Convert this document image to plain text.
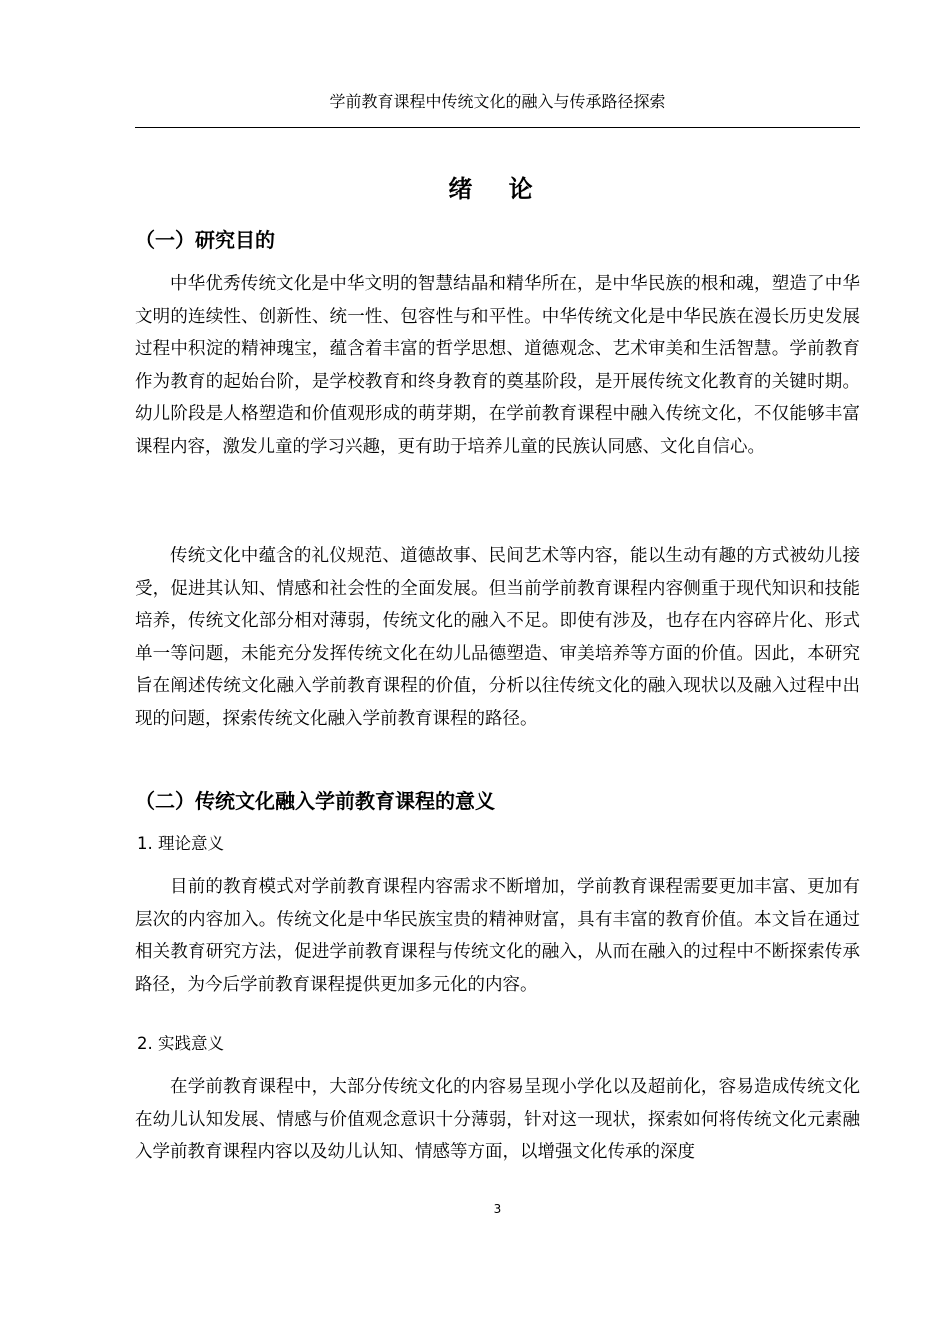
学前教育课程中传统文化的融入与传承路径探索
绪 论
（一）研究目的

中华优秀传统文化是中华文明的智慧结晶和精华所在，是中华民族的根和魂，塑造了中华文明的连续性、创新性、统一性、包容性与和平性。中华传统文化是中华民族在漫长历史发展过程中积淀的精神瑰宝，蕴含着丰富的哲学思想、道德观念、艺术审美和生活智慧。学前教育作为教育的起始台阶，是学校教育和终身教育的奠基阶段，是开展传统文化教育的关键时期。幼儿阶段是人格塑造和价值观形成的萌芽期，在学前教育课程中融入传统文化，不仅能够丰富课程内容，激发儿童的学习兴趣，更有助于培养儿童的民族认同感、文化自信心。

传统文化中蕴含的礼仪规范、道德故事、民间艺术等内容，能以生动有趣的方式被幼儿接受，促进其认知、情感和社会性的全面发展。但当前学前教育课程内容侧重于现代知识和技能培养，传统文化部分相对薄弱，传统文化的融入不足。即使有涉及，也存在内容碎片化、形式单一等问题，未能充分发挥传统文化在幼儿品德塑造、审美培养等方面的价值。因此，本研究旨在阐述传统文化融入学前教育课程的价值，分析以往传统文化的融入现状以及融入过程中出现的问题，探索传统文化融入学前教育课程的路径。

（二）传统文化融入学前教育课程的意义
1. 理论意义

目前的教育模式对学前教育课程内容需求不断增加，学前教育课程需要更加丰富、更加有层次的内容加入。传统文化是中华民族宝贵的精神财富，具有丰富的教育价值。本文旨在通过相关教育研究方法，促进学前教育课程与传统文化的融入，从而在融入的过程中不断探索传承路径，为今后学前教育课程提供更加多元化的内容。

2. 实践意义

在学前教育课程中，大部分传统文化的内容易呈现小学化以及超前化，容易造成传统文化在幼儿认知发展、情感与价值观念意识十分薄弱，针对这一现状，探索如何将传统文化元素融入学前教育课程内容以及幼儿认知、情感等方面，以增强文化传承的深度

3
